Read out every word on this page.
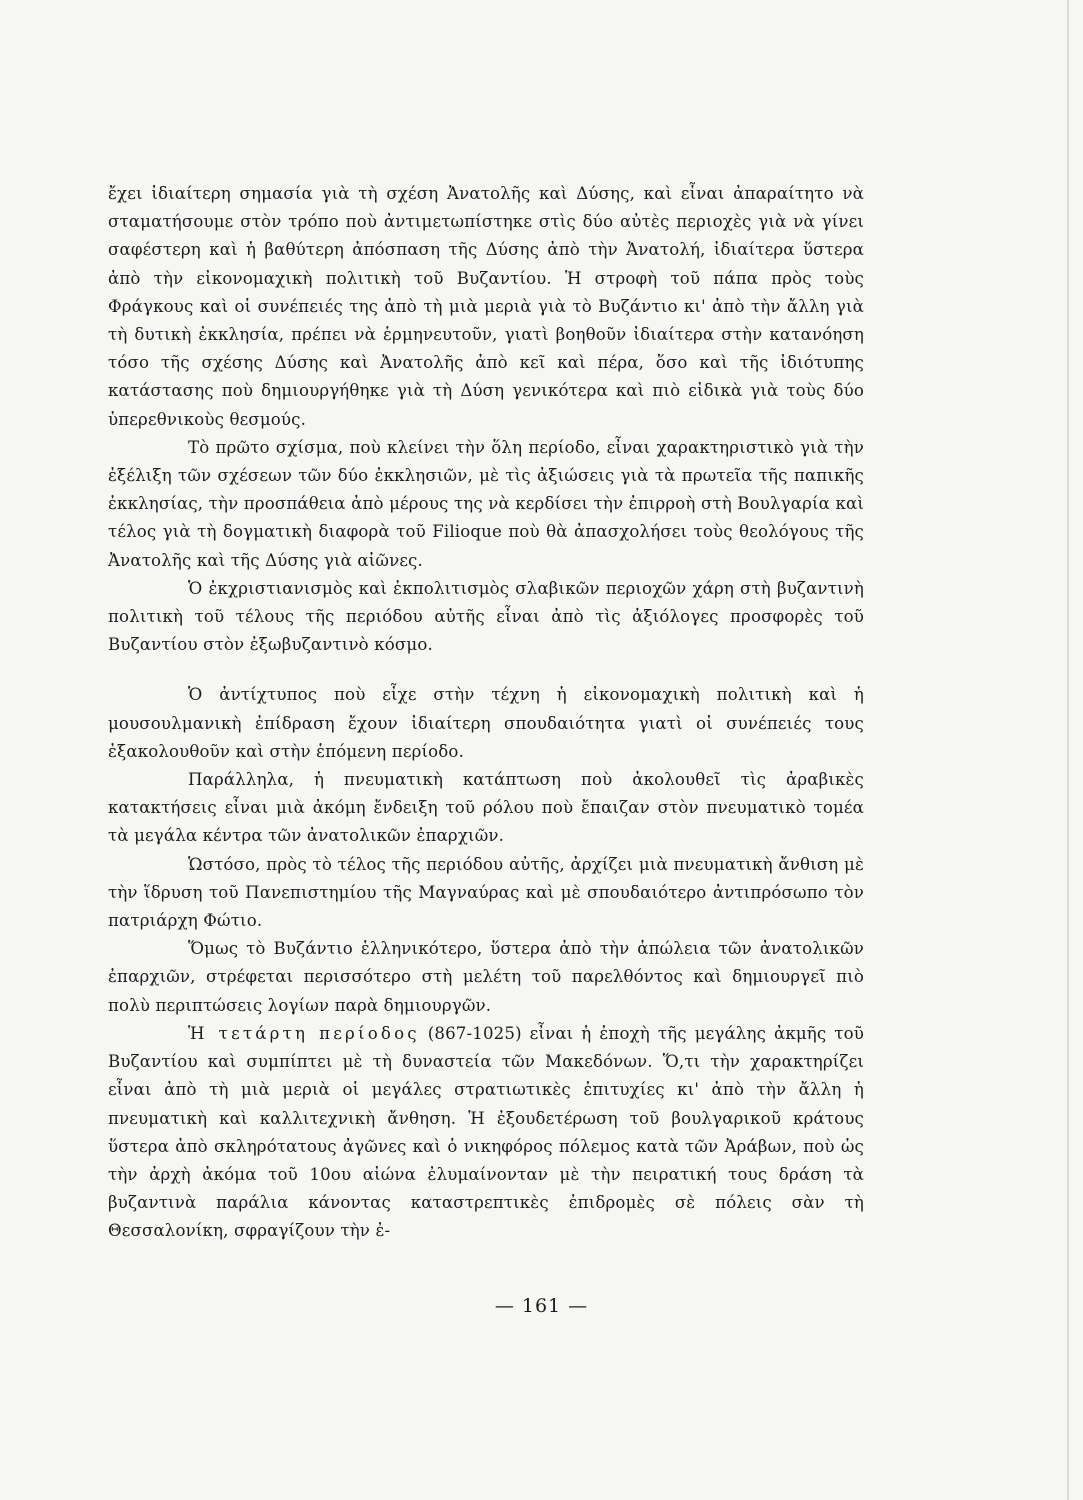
ἔχει ἰδιαίτερη σημασία γιὰ τὴ σχέση Ἀνατολῆς καὶ Δύσης, καὶ εἶναι ἀπαραίτητο νὰ σταματήσουμε στὸν τρόπο ποὺ ἀντιμετωπίστηκε στὶς δύο αὐτὲς περιοχὲς γιὰ νὰ γίνει σαφέστερη καὶ ἡ βαθύτερη ἀπόσπαση τῆς Δύσης ἀπὸ τὴν Ἀνατολή, ἰδιαίτερα ὕστερα ἀπὸ τὴν εἰκονομαχικὴ πολιτικὴ τοῦ Βυζαντίου. Ἡ στροφὴ τοῦ πάπα πρὸς τοὺς Φράγκους καὶ οἱ συνέπειές της ἀπὸ τὴ μιὰ μεριὰ γιὰ τὸ Βυζάντιο κι' ἀπὸ τὴν ἄλλη γιὰ τὴ δυτικὴ ἐκκλησία, πρέπει νὰ ἑρμηνευτοῦν, γιατὶ βοηθοῦν ἰδιαίτερα στὴν κατανόηση τόσο τῆς σχέσης Δύσης καὶ Ἀνατολῆς ἀπὸ κεῖ καὶ πέρα, ὅσο καὶ τῆς ἰδιότυπης κατάστασης ποὺ δημιουργήθηκε γιὰ τὴ Δύση γενικότερα καὶ πιὸ εἰδικὰ γιὰ τοὺς δύο ὑπερεθνικοὺς θεσμούς.

Τὸ πρῶτο σχίσμα, ποὺ κλείνει τὴν ὅλη περίοδο, εἶναι χαρακτηριστικὸ γιὰ τὴν ἐξέλιξη τῶν σχέσεων τῶν δύο ἐκκλησιῶν, μὲ τὶς ἀξιώσεις γιὰ τὰ πρωτεῖα τῆς παπικῆς ἐκκλησίας, τὴν προσπάθεια ἀπὸ μέρους της νὰ κερδίσει τὴν ἐπιρροὴ στὴ Βουλγαρία καὶ τέλος γιὰ τὴ δογματικὴ διαφορὰ τοῦ Filioque ποὺ θὰ ἀπασχολήσει τοὺς θεολόγους τῆς Ἀνατολῆς καὶ τῆς Δύσης γιὰ αἰῶνες.

Ὁ ἐκχριστιανισμὸς καὶ ἐκπολιτισμὸς σλαβικῶν περιοχῶν χάρη στὴ βυζαντινὴ πολιτικὴ τοῦ τέλους τῆς περιόδου αὐτῆς εἶναι ἀπὸ τὶς ἀξιόλογες προσφορὲς τοῦ Βυζαντίου στὸν ἐξωβυζαντινὸ κόσμο.

Ὁ ἀντίχτυπος ποὺ εἶχε στὴν τέχνη ἡ εἰκονομαχικὴ πολιτικὴ καὶ ἡ μουσουλμανικὴ ἐπίδραση ἔχουν ἰδιαίτερη σπουδαιότητα γιατὶ οἱ συνέπειές τους ἐξακολουθοῦν καὶ στὴν ἑπόμενη περίοδο.

Παράλληλα, ἡ πνευματικὴ κατάπτωση ποὺ ἀκολουθεῖ τὶς ἀραβικὲς κατακτήσεις εἶναι μιὰ ἀκόμη ἔνδειξη τοῦ ρόλου ποὺ ἔπαιζαν στὸν πνευματικὸ τομέα τὰ μεγάλα κέντρα τῶν ἀνατολικῶν ἐπαρχιῶν.

Ὡστόσο, πρὸς τὸ τέλος τῆς περιόδου αὐτῆς, ἀρχίζει μιὰ πνευματικὴ ἄνθιση μὲ τὴν ἵδρυση τοῦ Πανεπιστημίου τῆς Μαγναύρας καὶ μὲ σπουδαιότερο ἀντιπρόσωπο τὸν πατριάρχη Φώτιο.

Ὅμως τὸ Βυζάντιο ἑλληνικότερο, ὕστερα ἀπὸ τὴν ἀπώλεια τῶν ἀνατολικῶν ἐπαρχιῶν, στρέφεται περισσότερο στὴ μελέτη τοῦ παρελθόντος καὶ δημιουργεῖ πιὸ πολὺ περιπτώσεις λογίων παρὰ δημιουργῶν.

Ἡ τετάρτη περίοδος (867-1025) εἶναι ἡ ἐποχὴ τῆς μεγάλης ἀκμῆς τοῦ Βυζαντίου καὶ συμπίπτει μὲ τὴ δυναστεία τῶν Μακεδόνων. Ὅ,τι τὴν χαρακτηρίζει εἶναι ἀπὸ τὴ μιὰ μεριὰ οἱ μεγάλες στρατιωτικὲς ἐπιτυχίες κι' ἀπὸ τὴν ἄλλη ἡ πνευματικὴ καὶ καλλιτεχνικὴ ἄνθηση. Ἡ ἐξουδετέρωση τοῦ βουλγαρικοῦ κράτους ὕστερα ἀπὸ σκληρότατους ἀγῶνες καὶ ὁ νικηφόρος πόλεμος κατὰ τῶν Ἀράβων, ποὺ ὡς τὴν ἀρχὴ ἀκόμα τοῦ 10ου αἰώνα ἐλυμαίνονταν μὲ τὴν πειρατική τους δράση τὰ βυζαντινὰ παράλια κάνοντας καταστρεπτικὲς ἐπιδρομὲς σὲ πόλεις σὰν τὴ Θεσσαλονίκη, σφραγίζουν τὴν ἐ-

— 161 —
